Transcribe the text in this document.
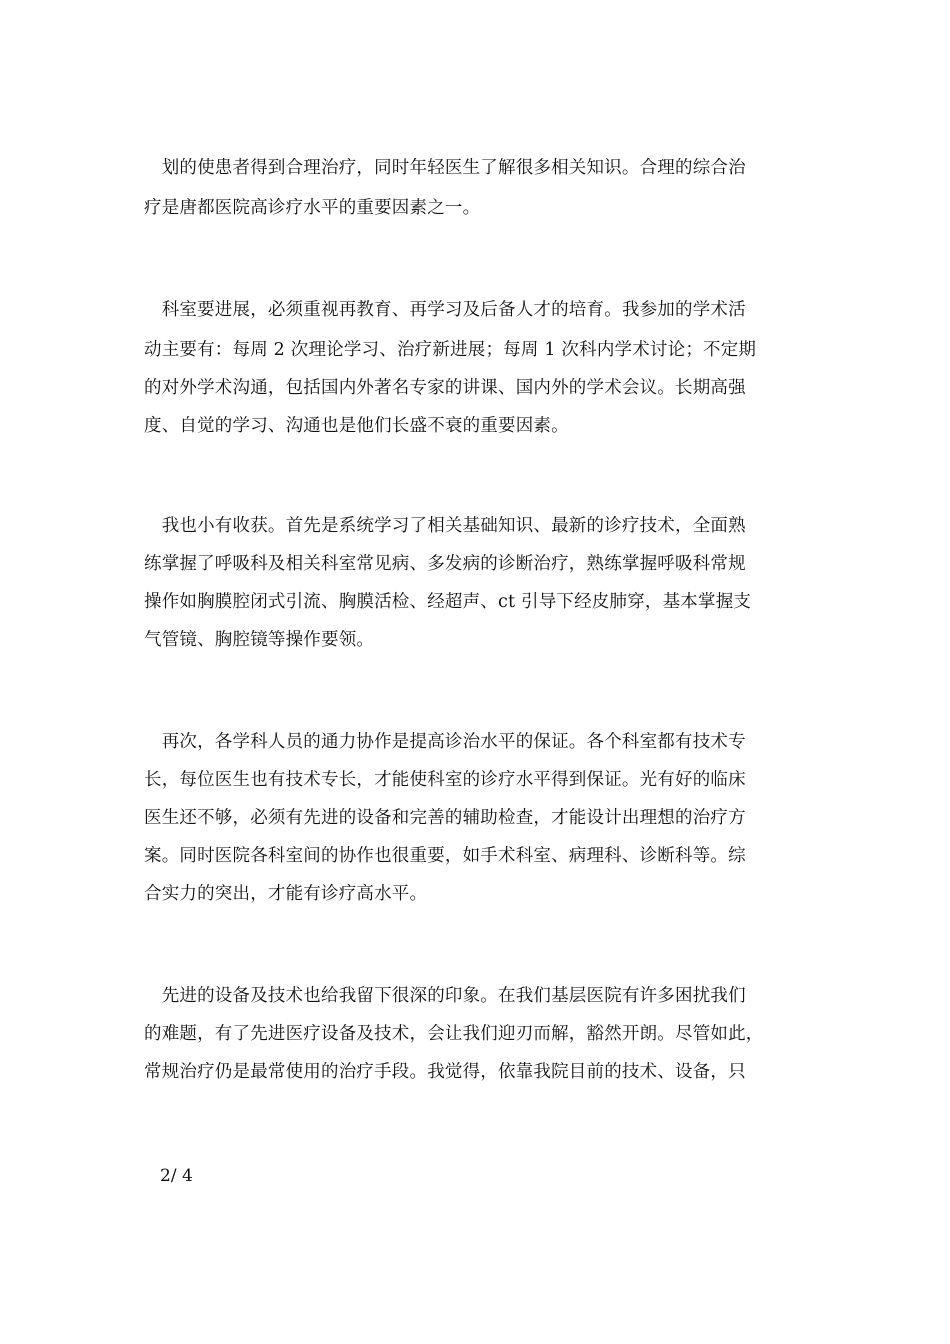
　划的使患者得到合理治疗，同时年轻医生了解很多相关知识。合理的综合治
疗是唐都医院高诊疗水平的重要因素之一。
　科室要进展，必须重视再教育、再学习及后备人才的培育。我参加的学术活
动主要有：每周 2 次理论学习、治疗新进展；每周 1 次科内学术讨论；不定期
的对外学术沟通，包括国内外著名专家的讲课、国内外的学术会议。长期高强
度、自觉的学习、沟通也是他们长盛不衰的重要因素。
　我也小有收获。首先是系统学习了相关基础知识、最新的诊疗技术，全面熟
练掌握了呼吸科及相关科室常见病、多发病的诊断治疗，熟练掌握呼吸科常规
操作如胸膜腔闭式引流、胸膜活检、经超声、ct 引导下经皮肺穿，基本掌握支
气管镜、胸腔镜等操作要领。
　再次，各学科人员的通力协作是提高诊治水平的保证。各个科室都有技术专
长，每位医生也有技术专长，才能使科室的诊疗水平得到保证。光有好的临床
医生还不够，必须有先进的设备和完善的辅助检查，才能设计出理想的治疗方
案。同时医院各科室间的协作也很重要，如手术科室、病理科、诊断科等。综
合实力的突出，才能有诊疗高水平。
　先进的设备及技术也给我留下很深的印象。在我们基层医院有许多困扰我们
的难题，有了先进医疗设备及技术，会让我们迎刃而解，豁然开朗。尽管如此，
常规治疗仍是最常使用的治疗手段。我觉得，依靠我院目前的技术、设备，只
2/ 4
